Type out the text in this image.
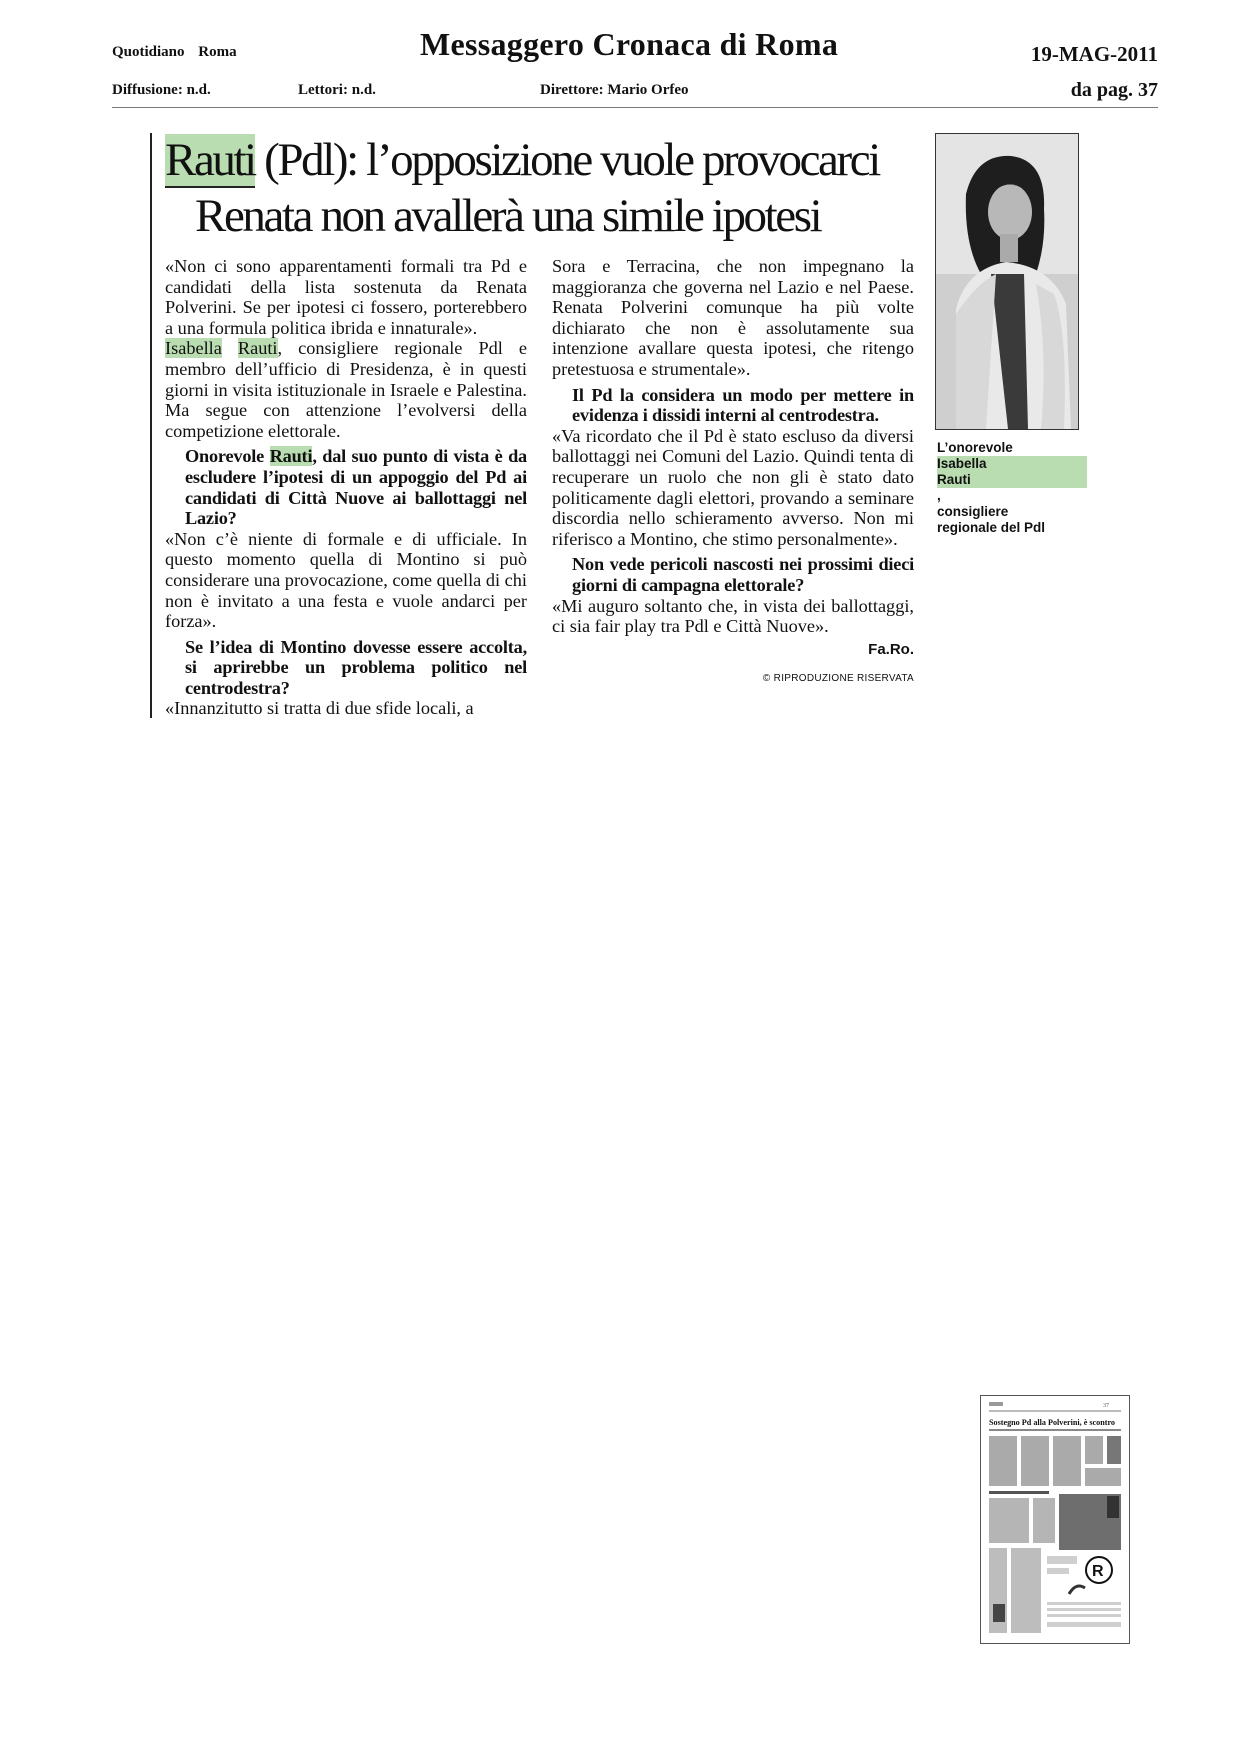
Quotidiano Roma	Messaggero Cronaca di Roma	19-MAG-2011
Diffusione: n.d.	Lettori: n.d.	Direttore: Mario Orfeo	da pag. 37
Rauti (Pdl): l’opposizione vuole provocarci
Renata non avallerà una simile ipotesi

«Non ci sono apparentamenti formali tra Pd e candidati della lista sostenuta da Renata Polverini. Se per ipotesi ci fossero, porterebbero a una formula politica ibrida e innaturale».

Isabella Rauti, consigliere regionale Pdl e membro dell’ufficio di Presidenza, è in questi giorni in visita istituzionale in Israele e Palestina. Ma segue con attenzione l’evolversi della competizione elettorale.

Onorevole Rauti, dal suo punto di vista è da escludere l’ipotesi di un appoggio del Pd ai candidati di Città Nuove ai ballottaggi nel Lazio?

«Non c’è niente di formale e di ufficiale. In questo momento quella di Montino si può considerare una provocazione, come quella di chi non è invitato a una festa e vuole andarci per forza».

Se l’idea di Montino dovesse essere accolta, si aprirebbe un problema politico nel centrodestra?

«Innanzitutto si tratta di due sfide locali, a

Sora e Terracina, che non impegnano la maggioranza che governa nel Lazio e nel Paese. Renata Polverini comunque ha più volte dichiarato che non è assolutamente sua intenzione avallare questa ipotesi, che ritengo pretestuosa e strumentale».

Il Pd la considera un modo per mettere in evidenza i dissidi interni al centrodestra.

«Va ricordato che il Pd è stato escluso da diversi ballottaggi nei Comuni del Lazio. Quindi tenta di recuperare un ruolo che non gli è stato dato politicamente dagli elettori, provando a seminare discordia nello schieramento avverso. Non mi riferisco a Montino, che stimo personalmente».

Non vede pericoli nascosti nei prossimi dieci giorni di campagna elettorale?

«Mi auguro soltanto che, in vista dei ballottaggi, ci sia fair play tra Pdl e Città Nuove».

Fa.Ro.
© RIPRODUZIONE RISERVATA
L’onorevole
Isabella
Rauti
,
consigliere
regionale del Pdl
37
Sostegno Pd alla Polverini, è scontro
R
